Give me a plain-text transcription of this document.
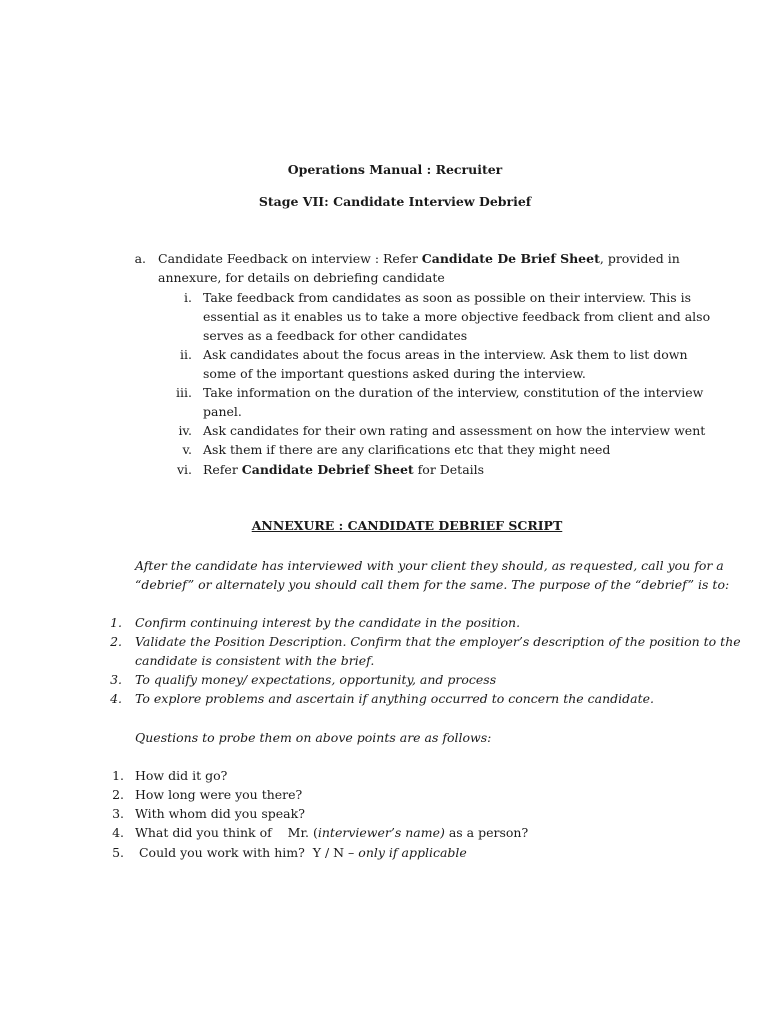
Operations Manual : Recruiter
Stage VII: Candidate Interview Debrief
a. Candidate Feedback on interview : Refer Candidate De Brief Sheet, provided in
annexure, for details on debriefing candidate
i. Take feedback from candidates as soon as possible on their interview. This is
essential as it enables us to take a more objective feedback from client and also
serves as a feedback for other candidates
ii. Ask candidates about the focus areas in the interview. Ask them to list down
some of the important questions asked during the interview.
iii. Take information on the duration of the interview, constitution of the interview
panel.
iv. Ask candidates for their own rating and assessment on how the interview went
v. Ask them if there are any clarifications etc that they might need
vi. Refer Candidate Debrief Sheet for Details
ANNEXURE : CANDIDATE DEBRIEF SCRIPT
After the candidate has interviewed with your client they should, as requested, call you for a
“debrief” or alternately you should call them for the same. The purpose of the “debrief” is to:
1. Confirm continuing interest by the candidate in the position.
2. Validate the Position Description. Confirm that the employer’s description of the position to the
candidate is consistent with the brief.
3. To qualify money/ expectations, opportunity, and process
4. To explore problems and ascertain if anything occurred to concern the candidate.
Questions to probe them on above points are as follows:
1. How did it go?
2. How long were you there?
3. With whom did you speak?
4. What did you think of    Mr. (interviewer’s name) as a person?
5. Could you work with him?  Y / N – only if applicable
